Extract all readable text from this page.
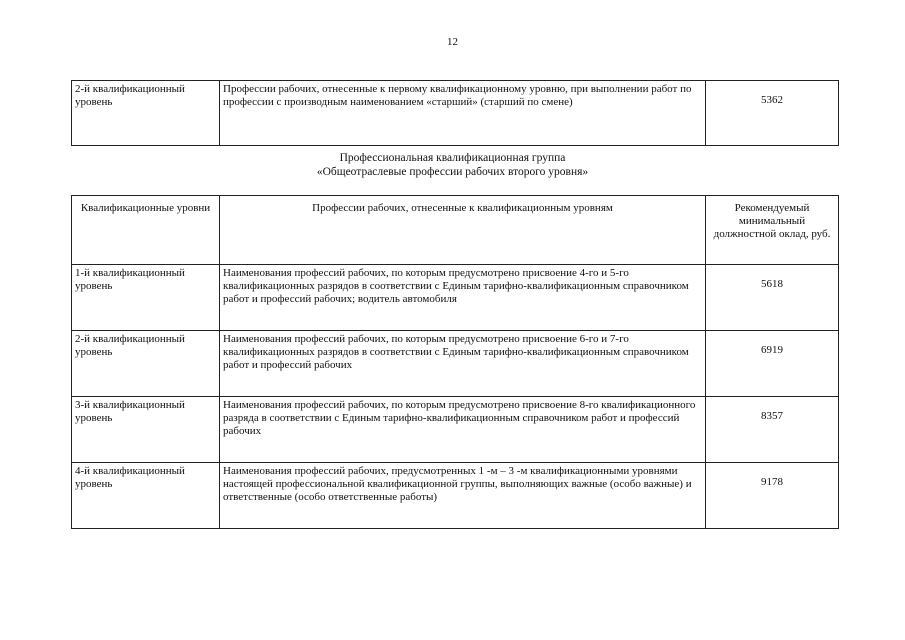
12
2-й квалификационный уровень	Профессии рабочих, отнесенные к первому квалификационному уровню, при выполнении работ по профессии с производным наименованием «старший» (старший по смене)	5362
Профессиональная квалификационная группа
«Общеотраслевые профессии рабочих второго уровня»
Квалификационные уровни	Профессии рабочих, отнесенные к квалификационным уровням	Рекомендуемый минимальный должностной оклад, руб.
1-й квалификационный уровень	Наименования профессий рабочих, по которым предусмотрено присвоение 4-го и 5-го квалификационных разрядов в соответствии с Единым тарифно-квалификационным справочником работ и профессий рабочих; водитель автомобиля	5618
2-й квалификационный уровень	Наименования профессий рабочих, по которым предусмотрено присвоение 6-го и 7-го квалификационных разрядов в соответствии с Единым тарифно-квалификационным справочником работ и профессий рабочих	6919
3-й квалификационный уровень	Наименования профессий рабочих, по которым предусмотрено присвоение 8-го квалификационного разряда в соответствии с Единым тарифно-квалификационным справочником работ и профессий рабочих	8357
4-й квалификационный уровень	Наименования профессий рабочих, предусмотренных 1 -м – 3 -м квалификационными уровнями настоящей профессиональной квалификационной группы, выполняющих важные (особо важные) и ответственные (особо ответственные работы)	9178
